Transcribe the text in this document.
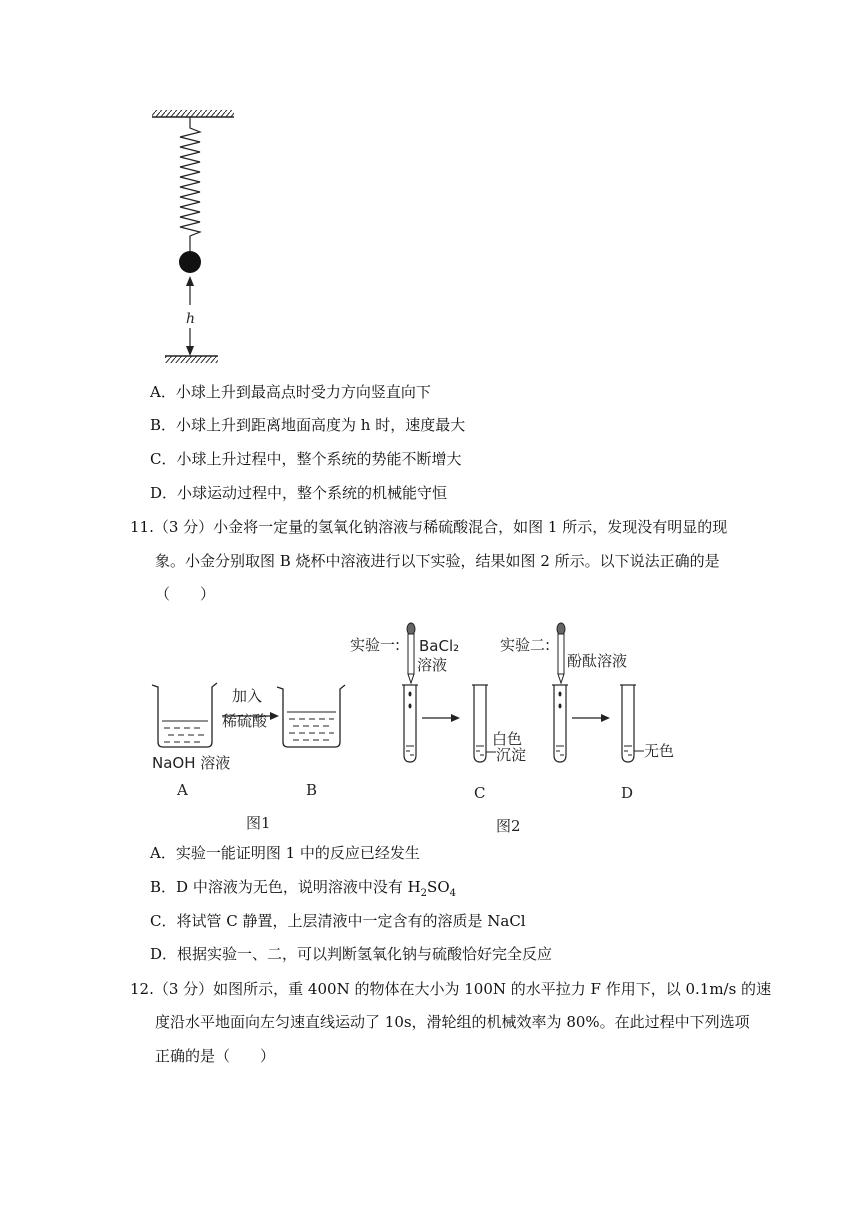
h
A．小球上升到最高点时受力方向竖直向下
B．小球上升到距离地面高度为 h 时，速度最大
C．小球上升过程中，整个系统的势能不断增大
D．小球运动过程中，整个系统的机械能守恒
11.（3 分）小金将一定量的氢氧化钠溶液与稀硫酸混合，如图 1 所示，发现没有明显的现
象。小金分别取图 B 烧杯中溶液进行以下实验，结果如图 2 所示。以下说法正确的是
（　　）
NaOH 溶液
A
加入
稀硫酸
B
图1
实验一: BaCl₂
溶液
白色
沉淀
C
图2
实验二:
酚酞溶液
无色
D
A．实验一能证明图 1 中的反应已经发生
B．D 中溶液为无色，说明溶液中没有 $H_2SO_4$
C．将试管 C 静置，上层清液中一定含有的溶质是 NaCl
D．根据实验一、二，可以判断氢氧化钠与硫酸恰好完全反应
12.（3 分）如图所示，重 400N 的物体在大小为 100N 的水平拉力 F 作用下，以 0.1m/s 的速
度沿水平地面向左匀速直线运动了 10s，滑轮组的机械效率为 80%。在此过程中下列选项
正确的是（　　）
